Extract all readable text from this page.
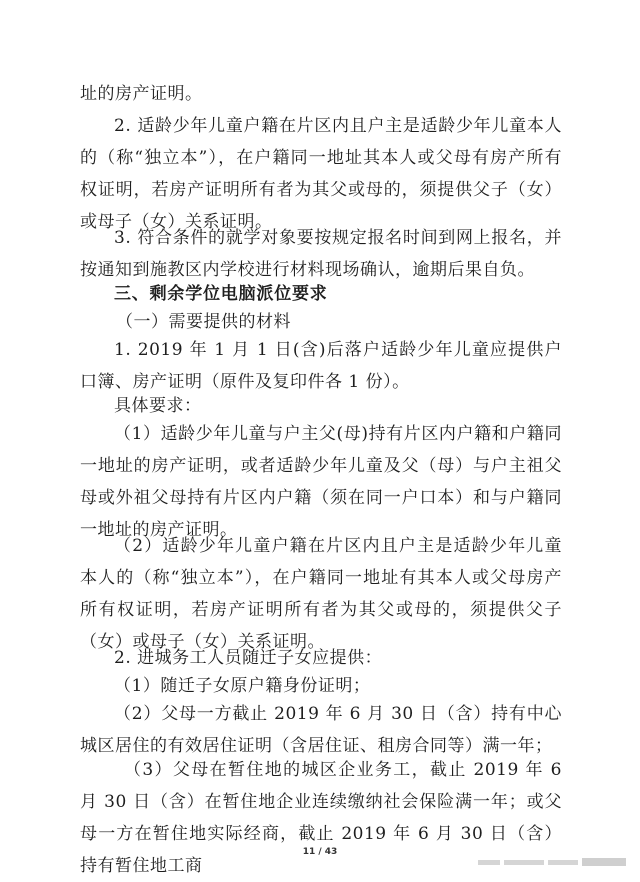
址的房产证明。
2. 适龄少年儿童户籍在片区内且户主是适龄少年儿童本人的（称“独立本”），在户籍同一地址其本人或父母有房产所有权证明，若房产证明所有者为其父或母的，须提供父子（女）或母子（女）关系证明。
3. 符合条件的就学对象要按规定报名时间到网上报名，并按通知到施教区内学校进行材料现场确认，逾期后果自负。
三、剩余学位电脑派位要求
（一）需要提供的材料
1. 2019 年 1 月 1 日(含)后落户适龄少年儿童应提供户口簿、房产证明（原件及复印件各 1 份）。
具体要求：
（1）适龄少年儿童与户主父(母)持有片区内户籍和户籍同一地址的房产证明，或者适龄少年儿童及父（母）与户主祖父母或外祖父母持有片区内户籍（须在同一户口本）和与户籍同一地址的房产证明。
（2）适龄少年儿童户籍在片区内且户主是适龄少年儿童本人的（称“独立本”），在户籍同一地址有其本人或父母房产所有权证明，若房产证明所有者为其父或母的，须提供父子（女）或母子（女）关系证明。
2. 进城务工人员随迁子女应提供：
（1）随迁子女原户籍身份证明；
（2）父母一方截止 2019 年 6 月 30 日（含）持有中心城区居住的有效居住证明（含居住证、租房合同等）满一年；
（3）父母在暂住地的城区企业务工，截止 2019 年 6 月 30 日（含）在暂住地企业连续缴纳社会保险满一年；或父母一方在暂住地实际经商，截止 2019 年 6 月 30 日（含）持有暂住地工商
11 / 43
